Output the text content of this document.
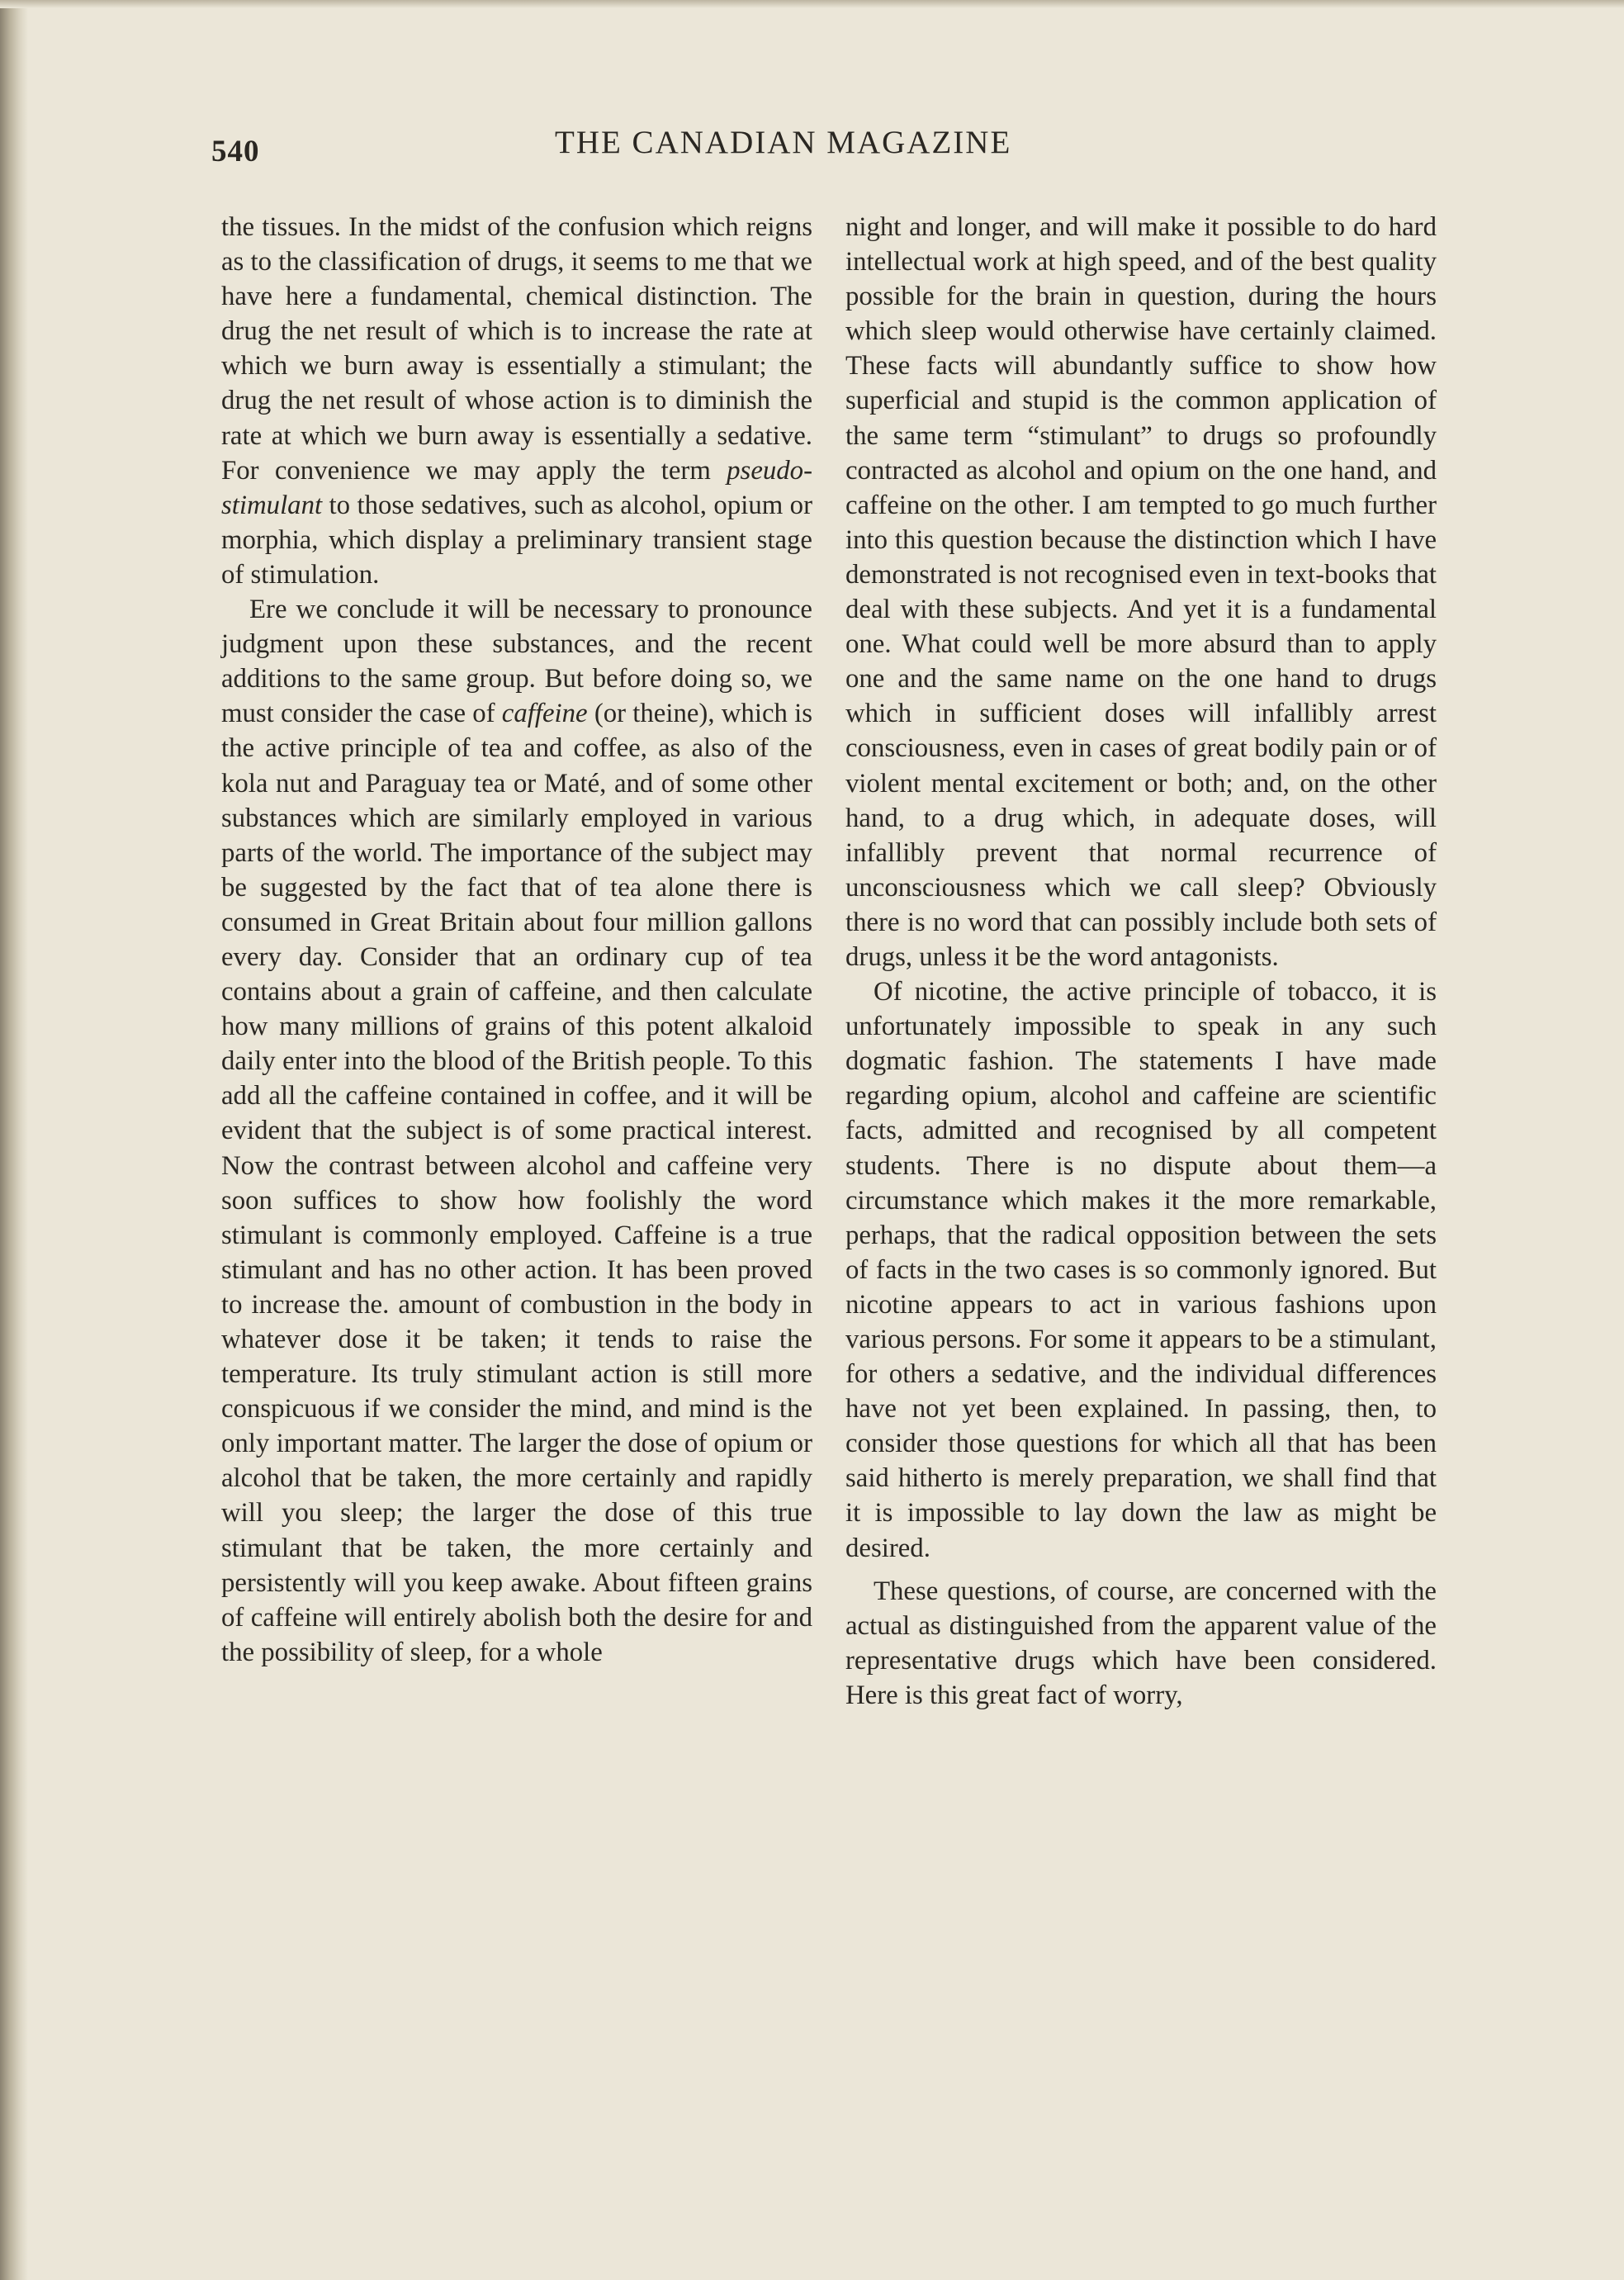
540	THE CANADIAN MAGAZINE

the tissues. In the midst of the confusion which reigns as to the classification of drugs, it seems to me that we have here a fundamental, chemical distinction. The drug the net result of which is to increase the rate at which we burn away is essentially a stimulant; the drug the net result of whose action is to diminish the rate at which we burn away is essentially a sedative. For convenience we may apply the term pseudo-stimulant to those sedatives, such as alcohol, opium or morphia, which display a preliminary transient stage of stimulation.

Ere we conclude it will be necessary to pronounce judgment upon these substances, and the recent additions to the same group. But before doing so, we must consider the case of caffeine (or theine), which is the active principle of tea and coffee, as also of the kola nut and Paraguay tea or Maté, and of some other substances which are similarly employed in various parts of the world. The importance of the subject may be suggested by the fact that of tea alone there is consumed in Great Britain about four million gallons every day. Consider that an ordinary cup of tea contains about a grain of caffeine, and then calculate how many millions of grains of this potent alkaloid daily enter into the blood of the British people. To this add all the caffeine contained in coffee, and it will be evident that the subject is of some practical interest. Now the contrast between alcohol and caffeine very soon suffices to show how foolishly the word stimulant is commonly employed. Caffeine is a true stimulant and has no other action. It has been proved to increase the. amount of combustion in the body in whatever dose it be taken; it tends to raise the temperature. Its truly stimulant action is still more conspicuous if we consider the mind, and mind is the only important matter. The larger the dose of opium or alcohol that be taken, the more certainly and rapidly will you sleep; the larger the dose of this true stimulant that be taken, the more certainly and persistently will you keep awake. About fifteen grains of caffeine will entirely abolish both the desire for and the possibility of sleep, for a whole

night and longer, and will make it possible to do hard intellectual work at high speed, and of the best quality possible for the brain in question, during the hours which sleep would otherwise have certainly claimed. These facts will abundantly suffice to show how superficial and stupid is the common application of the same term “stimulant” to drugs so profoundly contracted as alcohol and opium on the one hand, and caffeine on the other. I am tempted to go much further into this question because the distinction which I have demonstrated is not recognised even in text-books that deal with these subjects. And yet it is a fundamental one. What could well be more absurd than to apply one and the same name on the one hand to drugs which in sufficient doses will infallibly arrest consciousness, even in cases of great bodily pain or of violent mental excitement or both; and, on the other hand, to a drug which, in adequate doses, will infallibly prevent that normal recurrence of unconsciousness which we call sleep? Obviously there is no word that can possibly include both sets of drugs, unless it be the word antagonists.

Of nicotine, the active principle of tobacco, it is unfortunately impossible to speak in any such dogmatic fashion. The statements I have made regarding opium, alcohol and caffeine are scientific facts, admitted and recognised by all competent students. There is no dispute about them—a circumstance which makes it the more remarkable, perhaps, that the radical opposition between the sets of facts in the two cases is so commonly ignored. But nicotine appears to act in various fashions upon various persons. For some it appears to be a stimulant, for others a sedative, and the individual differences have not yet been explained. In passing, then, to consider those questions for which all that has been said hitherto is merely preparation, we shall find that it is impossible to lay down the law as might be desired.

These questions, of course, are concerned with the actual as distinguished from the apparent value of the representative drugs which have been considered. Here is this great fact of worry,
